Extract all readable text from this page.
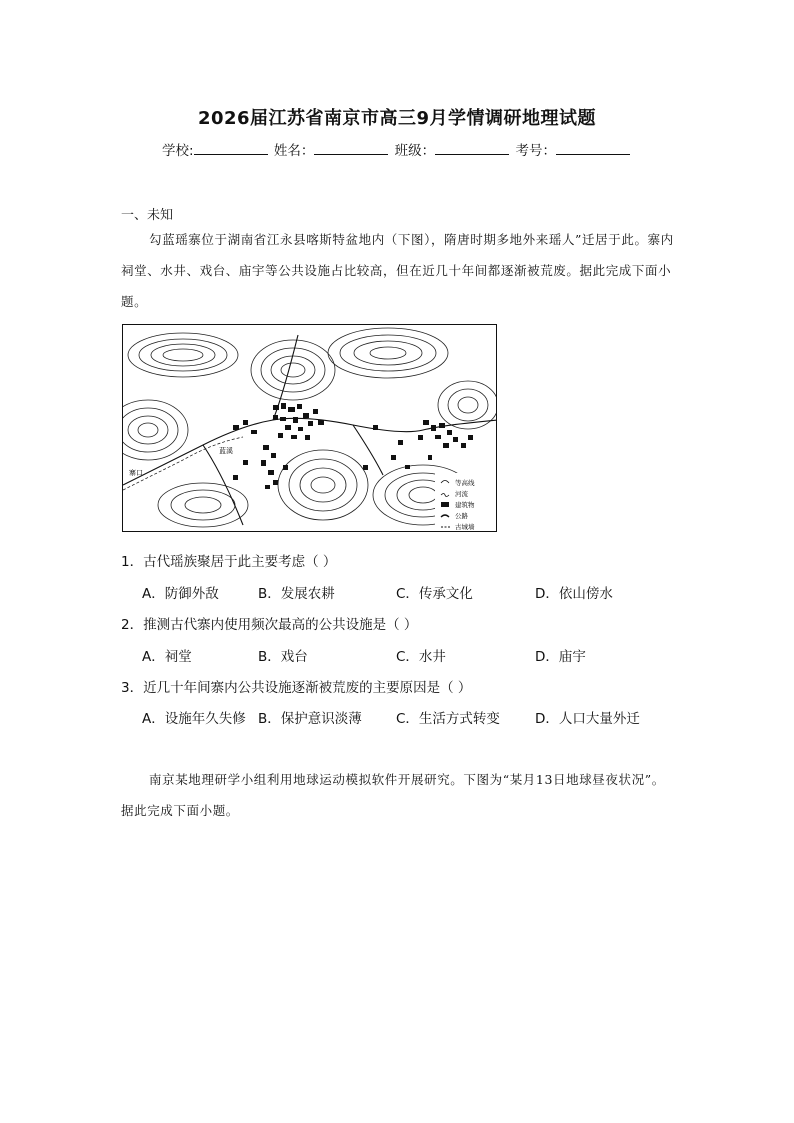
2026届江苏省南京市高三9月学情调研地理试题
学校:	姓名：	班级：	考号：
一、未知
勾蓝瑶寨位于湖南省江永县喀斯特盆地内（下图），隋唐时期多地外来瑶人”迁居于此。寨内祠堂、水井、戏台、庙宇等公共设施占比较高，但在近几十年间都逐渐被荒废。据此完成下面小题。
蓝溪
寨口
等高线
河流
建筑物
公路
古城墙
1．古代瑶族聚居于此主要考虑（ ）
A．防御外敌	B．发展农耕	C．传承文化	D．依山傍水
2．推测古代寨内使用频次最高的公共设施是（ ）
A．祠堂	B．戏台	C．水井	D．庙宇
3．近几十年间寨内公共设施逐渐被荒废的主要原因是（ ）
A．设施年久失修 B．保护意识淡薄	C．生活方式转变	D．人口大量外迁
南京某地理研学小组利用地球运动模拟软件开展研究。下图为“某月13日地球昼夜状况”。据此完成下面小题。
